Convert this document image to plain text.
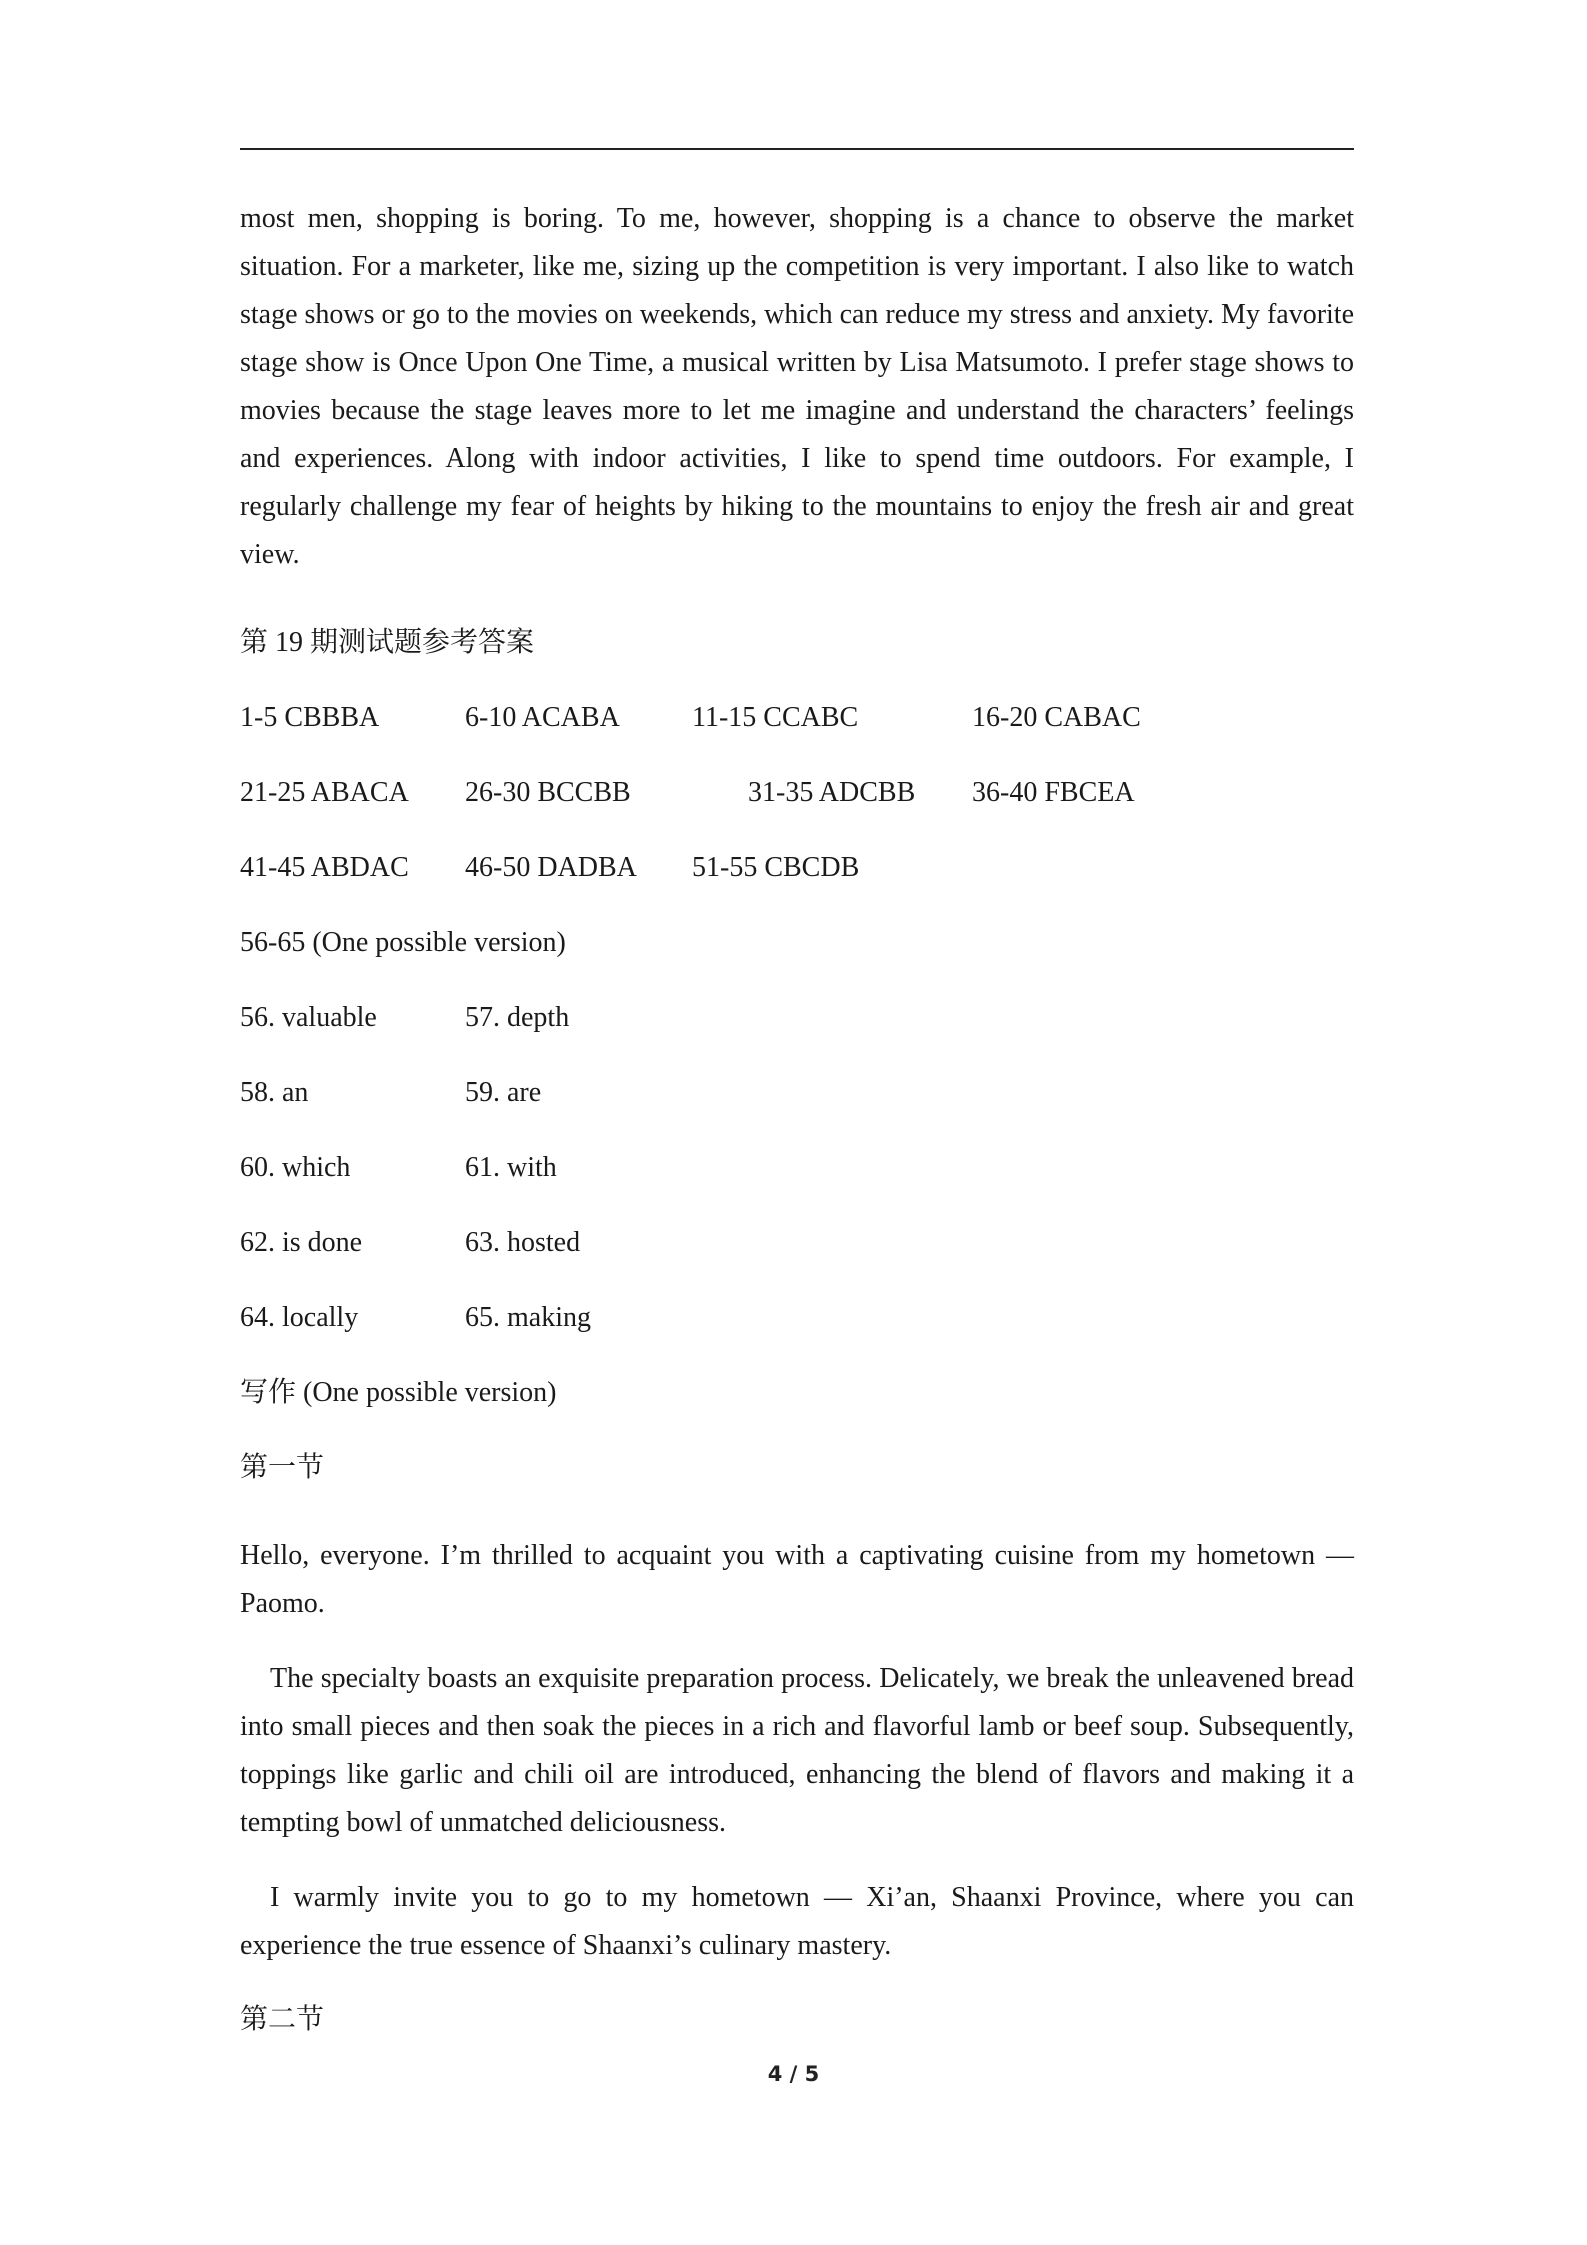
most men, shopping is boring. To me, however, shopping is a chance to observe the market situation. For a marketer, like me, sizing up the competition is very important. I also like to watch stage shows or go to the movies on weekends, which can reduce my stress and anxiety. My favorite stage show is Once Upon One Time, a musical written by Lisa Matsumoto. I prefer stage shows to movies because the stage leaves more to let me imagine and understand the characters’ feelings and experiences. Along with indoor activities, I like to spend time outdoors. For example, I regularly challenge my fear of heights by hiking to the mountains to enjoy the fresh air and great view.

第 19 期测试题参考答案
1-5 CBBBA	6-10 ACABA	11-15 CCABC	16-20 CABAC
21-25 ABACA 26-30 BCCBB	31-35 ADCBB 36-40 FBCEA
41-45 ABDAC 46-50 DADBA 51-55 CBCDB
56-65 (One possible version)
56. valuable	57. depth
58. an	59. are
60. which	61. with
62. is done	63. hosted
64. locally	65. making
写作 (One possible version)
第一节

Hello, everyone. I’m thrilled to acquaint you with a captivating cuisine from my hometown — Paomo.

The specialty boasts an exquisite preparation process. Delicately, we break the unleavened bread into small pieces and then soak the pieces in a rich and flavorful lamb or beef soup. Subsequently, toppings like garlic and chili oil are introduced, enhancing the blend of flavors and making it a tempting bowl of unmatched deliciousness.

I warmly invite you to go to my hometown — Xi’an, Shaanxi Province, where you can experience the true essence of Shaanxi’s culinary mastery.

第二节
4 / 5
